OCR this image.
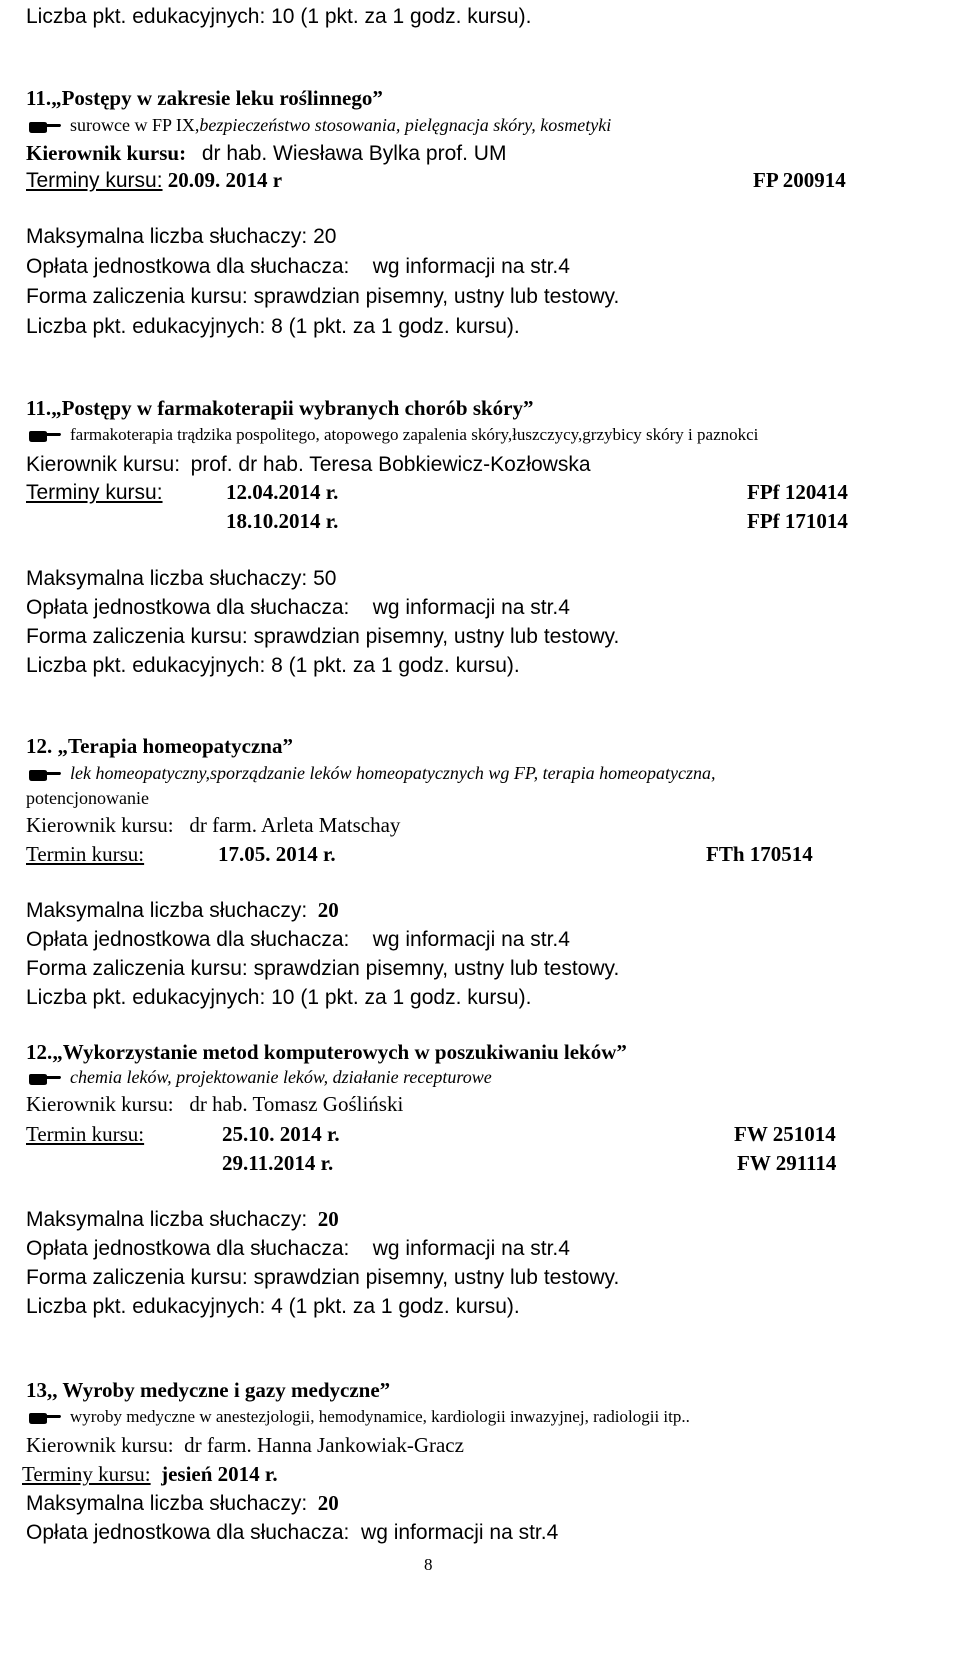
Liczba pkt. edukacyjnych: 10 (1 pkt. za 1 godz. kursu).
11.„Postępy w zakresie leku roślinnego”
surowce w FP IX,bezpieczeństwo stosowania, pielęgnacja skóry, kosmetyki
Kierownik kursu: dr hab. Wiesława Bylka prof. UM
Terminy kursu: 20.09. 2014 r	FP 200914
Maksymalna liczba słuchaczy: 20
Opłata jednostkowa dla słuchacza: wg informacji na str.4
Forma zaliczenia kursu: sprawdzian pisemny, ustny lub testowy.
Liczba pkt. edukacyjnych: 8 (1 pkt. za 1 godz. kursu).
11.„Postępy w farmakoterapii wybranych chorób skóry”
farmakoterapia trądzika pospolitego, atopowego zapalenia skóry,łuszczycy,grzybicy skóry i paznokci
Kierownik kursu: prof. dr hab. Teresa Bobkiewicz-Kozłowska
Terminy kursu:	12.04.2014 r.	FPf 120414
18.10.2014 r.	FPf 171014
Maksymalna liczba słuchaczy: 50
Opłata jednostkowa dla słuchacza: wg informacji na str.4
Forma zaliczenia kursu: sprawdzian pisemny, ustny lub testowy.
Liczba pkt. edukacyjnych: 8 (1 pkt. za 1 godz. kursu).
12. „Terapia homeopatyczna”
lek homeopatyczny,sporządzanie leków homeopatycznych wg FP, terapia homeopatyczna,
potencjonowanie
Kierownik kursu: dr farm. Arleta Matschay
Termin kursu:	17.05. 2014 r.	FTh 170514
Maksymalna liczba słuchaczy: 20
Opłata jednostkowa dla słuchacza: wg informacji na str.4
Forma zaliczenia kursu: sprawdzian pisemny, ustny lub testowy.
Liczba pkt. edukacyjnych: 10 (1 pkt. za 1 godz. kursu).
12.„Wykorzystanie metod komputerowych w poszukiwaniu leków”
chemia leków, projektowanie leków, działanie recepturowe
Kierownik kursu: dr hab. Tomasz Gośliński
Termin kursu:	25.10. 2014 r.	FW 251014
29.11.2014 r.	FW 291114
Maksymalna liczba słuchaczy: 20
Opłata jednostkowa dla słuchacza: wg informacji na str.4
Forma zaliczenia kursu: sprawdzian pisemny, ustny lub testowy.
Liczba pkt. edukacyjnych: 4 (1 pkt. za 1 godz. kursu).
13,, Wyroby medyczne i gazy medyczne”
wyroby medyczne w anestezjologii, hemodynamice, kardiologii inwazyjnej, radiologii itp..
Kierownik kursu: dr farm. Hanna Jankowiak-Gracz
Terminy kursu: jesień 2014 r.
Maksymalna liczba słuchaczy: 20
Opłata jednostkowa dla słuchacza: wg informacji na str.4
8
